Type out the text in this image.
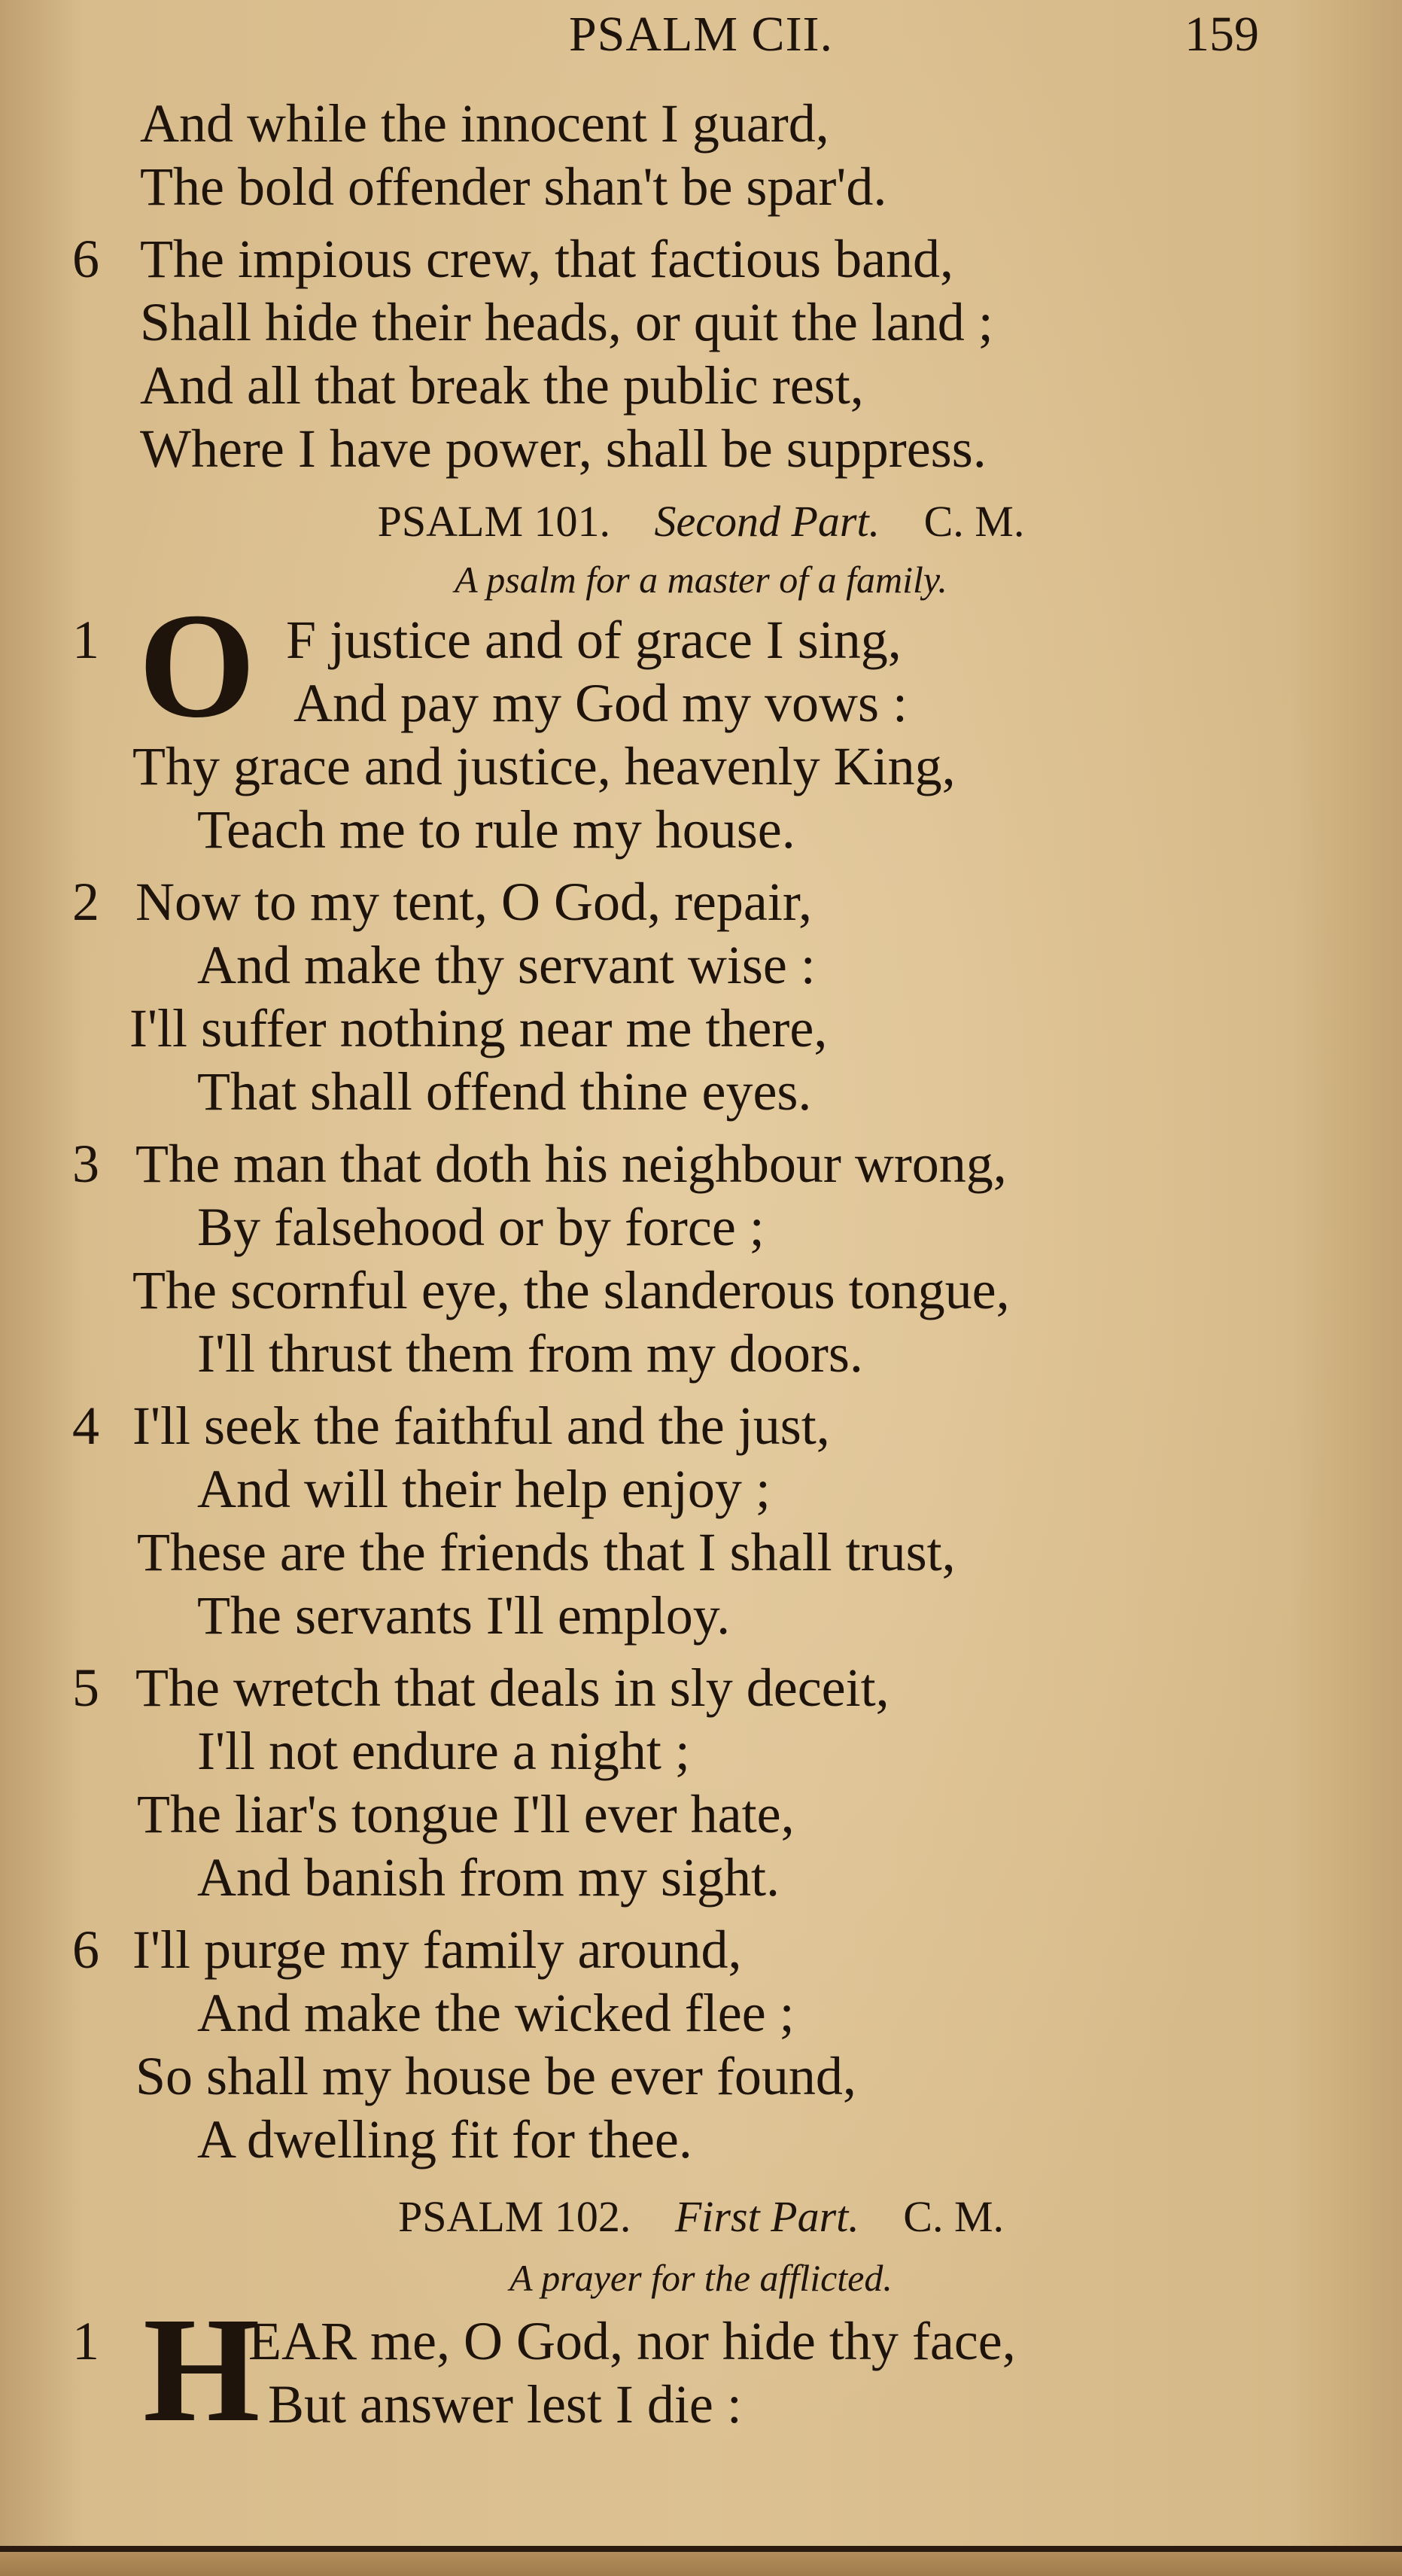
PSALM CII.	159
And while the innocent I guard,
The bold offender shan't be spar'd.
6 The impious crew, that factious band,
Shall hide their heads, or quit the land ;
And all that break the public rest,
Where I have power, shall be suppress.
PSALM 101. Second Part. C. M.
A psalm for a master of a family.
1 O F justice and of grace I sing,
And pay my God my vows :
Thy grace and justice, heavenly King,
Teach me to rule my house.
2 Now to my tent, O God, repair,
And make thy servant wise :
I'll suffer nothing near me there,
That shall offend thine eyes.
3 The man that doth his neighbour wrong,
By falsehood or by force ;
The scornful eye, the slanderous tongue,
I'll thrust them from my doors.
4 I'll seek the faithful and the just,
And will their help enjoy ;
These are the friends that I shall trust,
The servants I'll employ.
5 The wretch that deals in sly deceit,
I'll not endure a night ;
The liar's tongue I'll ever hate,
And banish from my sight.
6 I'll purge my family around,
And make the wicked flee ;
So shall my house be ever found,
A dwelling fit for thee.
PSALM 102. First Part. C. M.
A prayer for the afflicted.
1 H
EAR me, O God, nor hide thy face,
But answer lest I die :
